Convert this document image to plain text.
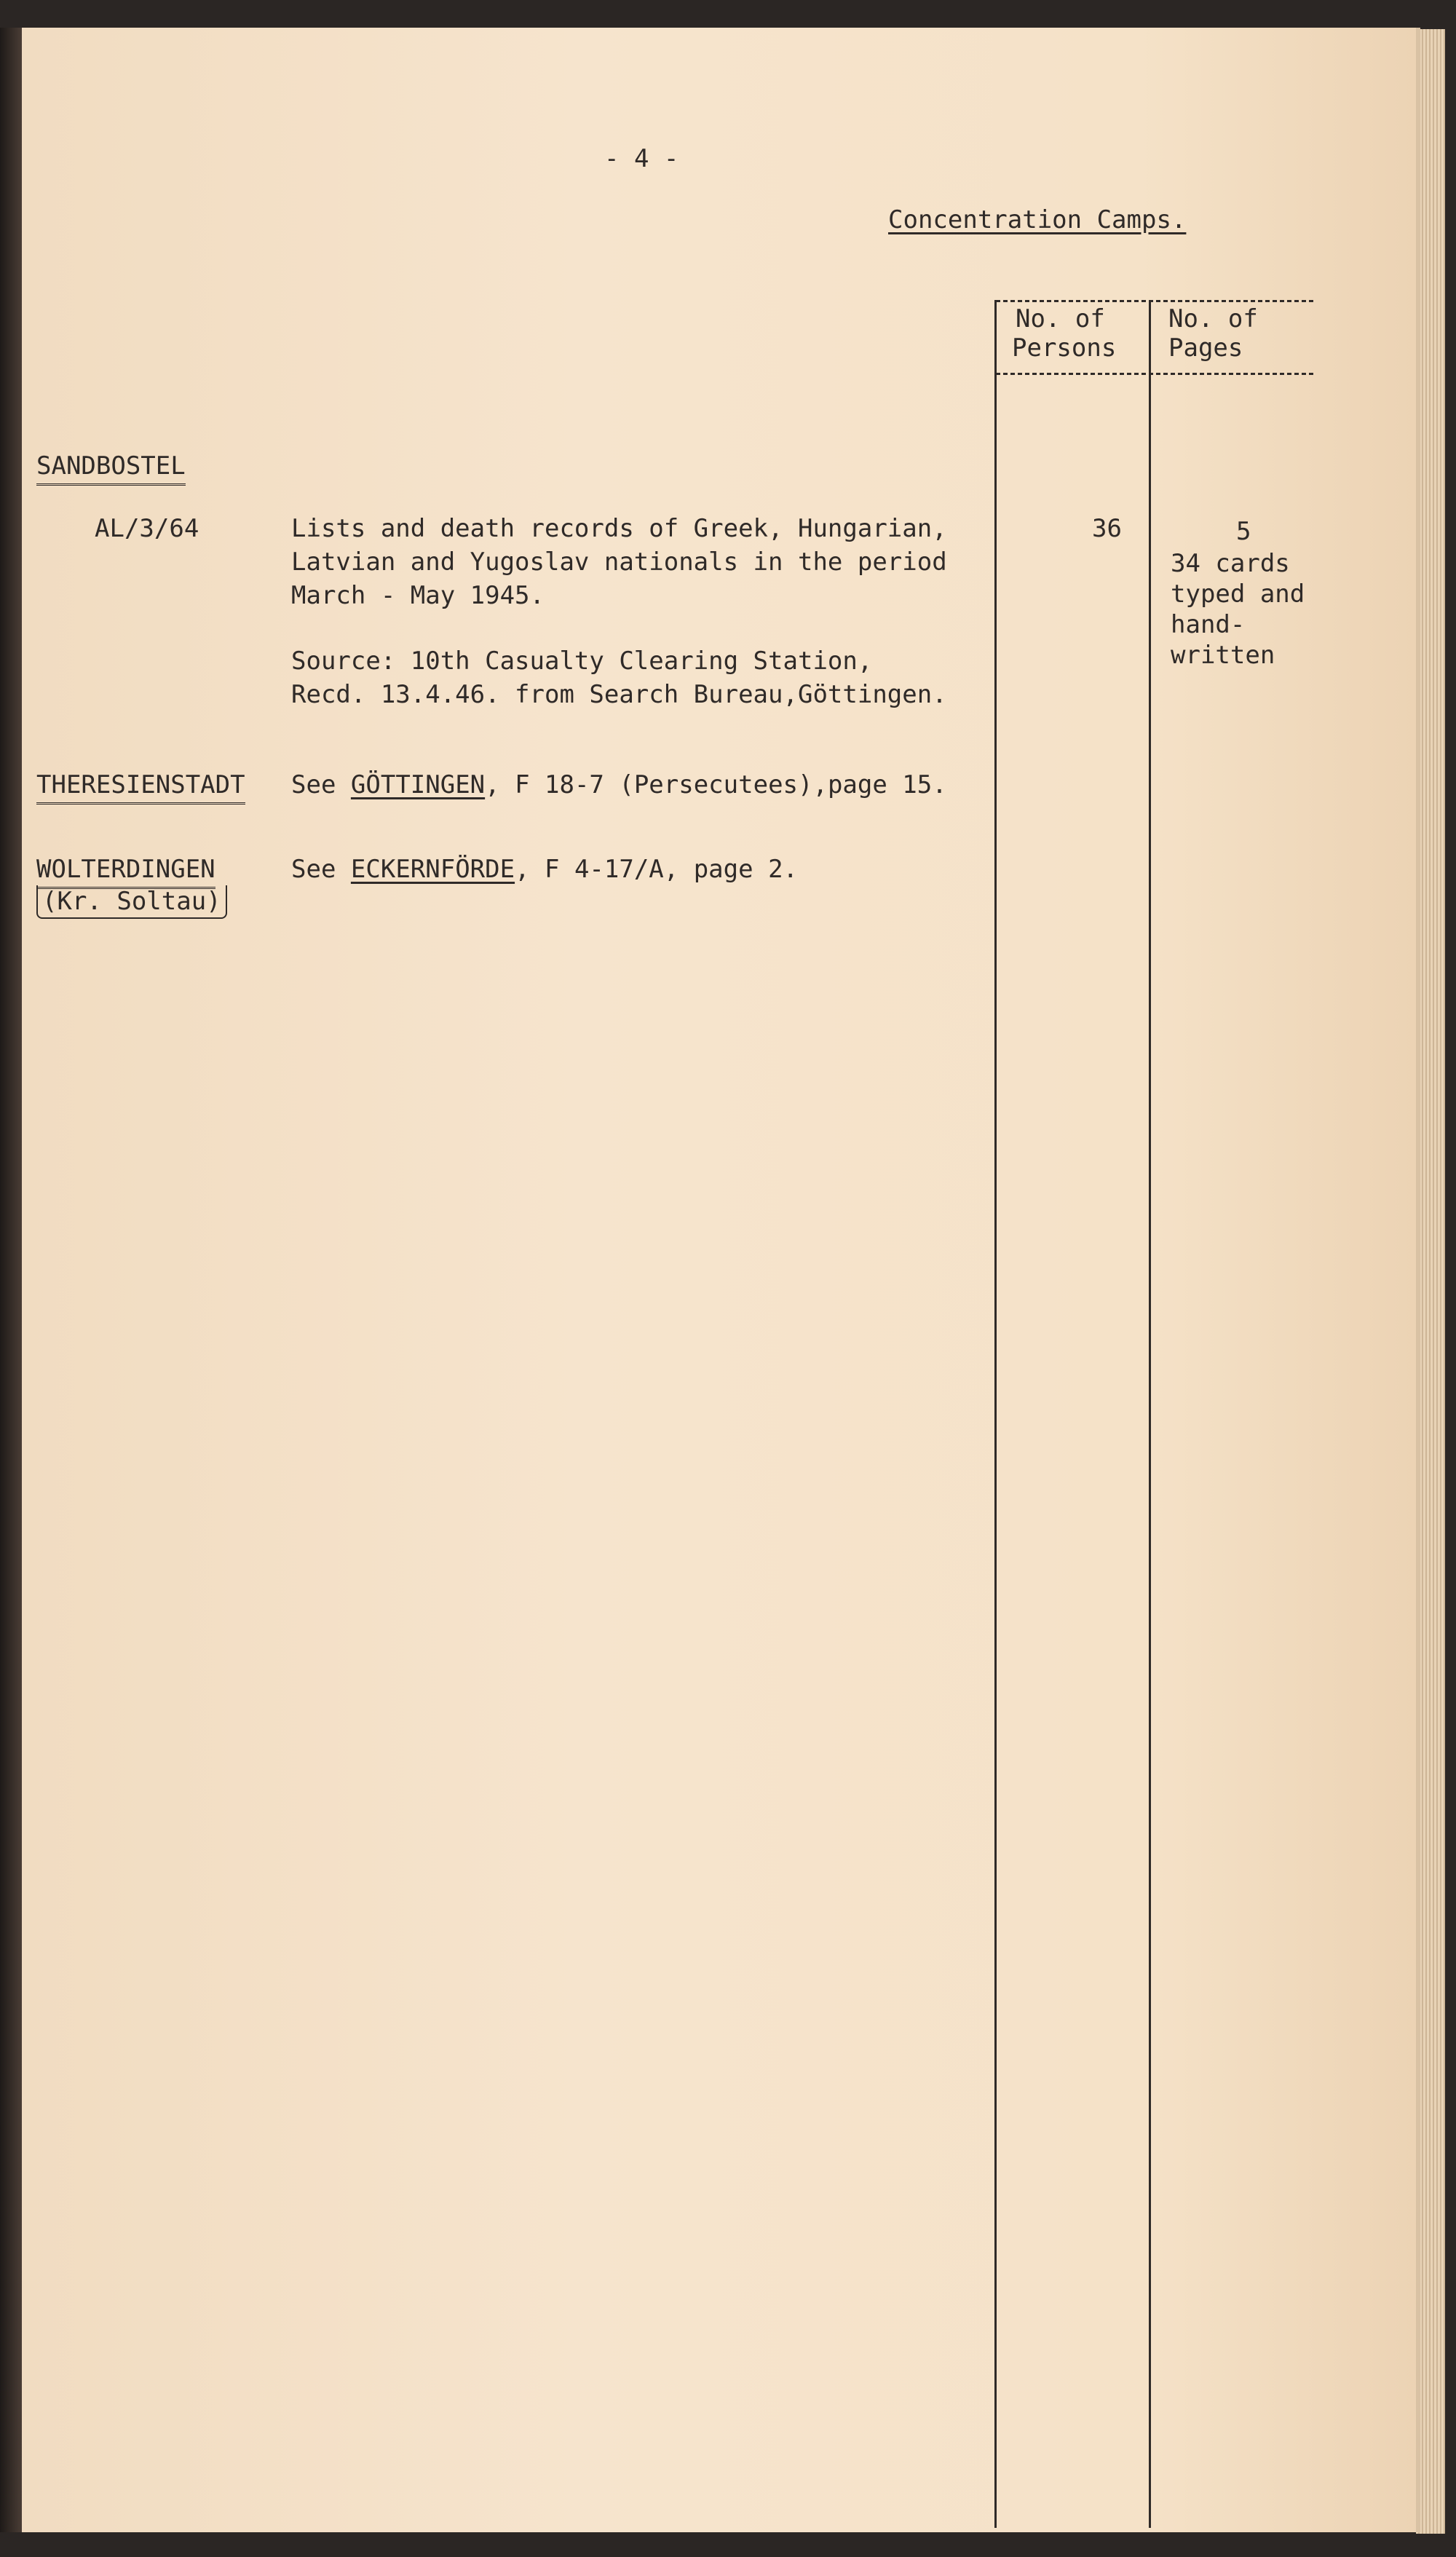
- 4 -
Concentration Camps.
No. of
Persons
No. of
Pages
SANDBOSTEL
AL/3/64	Lists and death records of Greek, Hungarian,
Latvian and Yugoslav nationals in the period
March - May 1945.
Source: 10th Casualty Clearing Station,
Recd. 13.4.46. from Search Bureau,Göttingen.
36	5
34 cards
typed and
hand-
written
THERESIENSTADT See GÖTTINGEN, F 18-7 (Persecutees),page 15.
WOLTERDINGEN
(Kr. Soltau)
See ECKERNFÖRDE, F 4-17/A, page 2.
